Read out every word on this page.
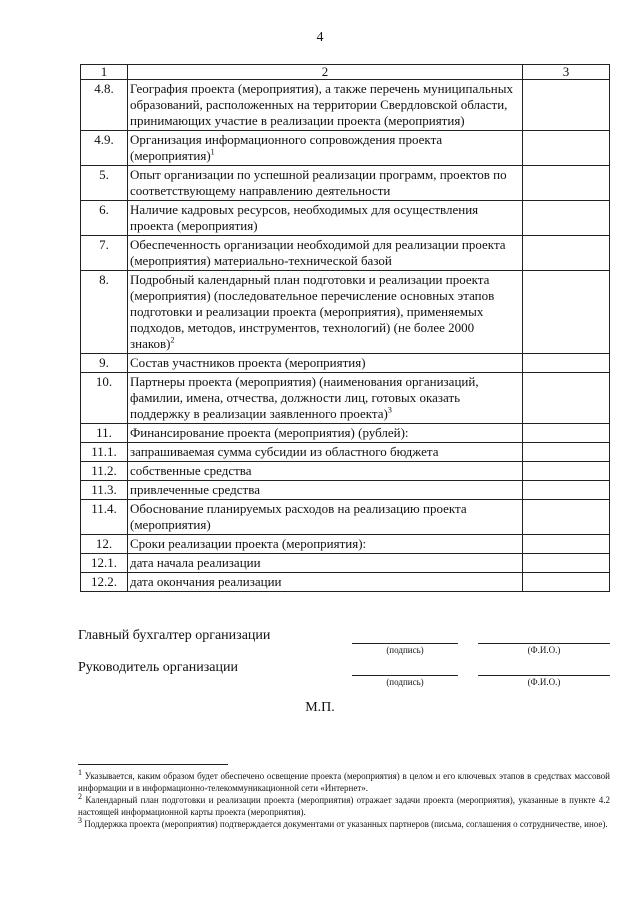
4
1	2	3
4.8.	География проекта (мероприятия), а также перечень муниципальных образований, расположенных на территории Свердловской области, принимающих участие в реализации проекта (мероприятия)	
4.9.	Организация информационного сопровождения проекта (мероприятия)$^1$	
5.	Опыт организации по успешной реализации программ, проектов по соответствующему направлению деятельности	
6.	Наличие кадровых ресурсов, необходимых для осуществления проекта (мероприятия)	
7.	Обеспеченность организации необходимой для реализации проекта (мероприятия) материально-технической базой	
8.	Подробный календарный план подготовки и реализации проекта (мероприятия) (последовательное перечисление основных этапов подготовки и реализации проекта (мероприятия), применяемых подходов, методов, инструментов, технологий) (не более 2000 знаков)$^2$	
9.	Состав участников проекта (мероприятия)	
10.	Партнеры проекта (мероприятия) (наименования организаций, фамилии, имена, отчества, должности лиц, готовых оказать поддержку в реализации заявленного проекта)$^3$	
11.	Финансирование проекта (мероприятия) (рублей):	
11.1.	запрашиваемая сумма субсидии из областного бюджета	
11.2.	собственные средства	
11.3.	привлеченные средства	
11.4.	Обоснование планируемых расходов на реализацию проекта (мероприятия)	
12.	Сроки реализации проекта (мероприятия):	
12.1.	дата начала реализации	
12.2.	дата окончания реализации	
Главный бухгалтер организации
(подпись)	(Ф.И.О.)
Руководитель организации
(подпись)	(Ф.И.О.)
М.П.

$^1$ Указывается, каким образом будет обеспечено освещение проекта (мероприятия) в целом и его ключевых этапов в средствах массовой информации и в информационно-телекоммуникационной сети «Интернет».

$^2$ Календарный план подготовки и реализации проекта (мероприятия) отражает задачи проекта (мероприятия), указанные в пункте 4.2 настоящей информационной карты проекта (мероприятия).

$^3$ Поддержка проекта (мероприятия) подтверждается документами от указанных партнеров (письма, соглашения о сотрудничестве, иное).
